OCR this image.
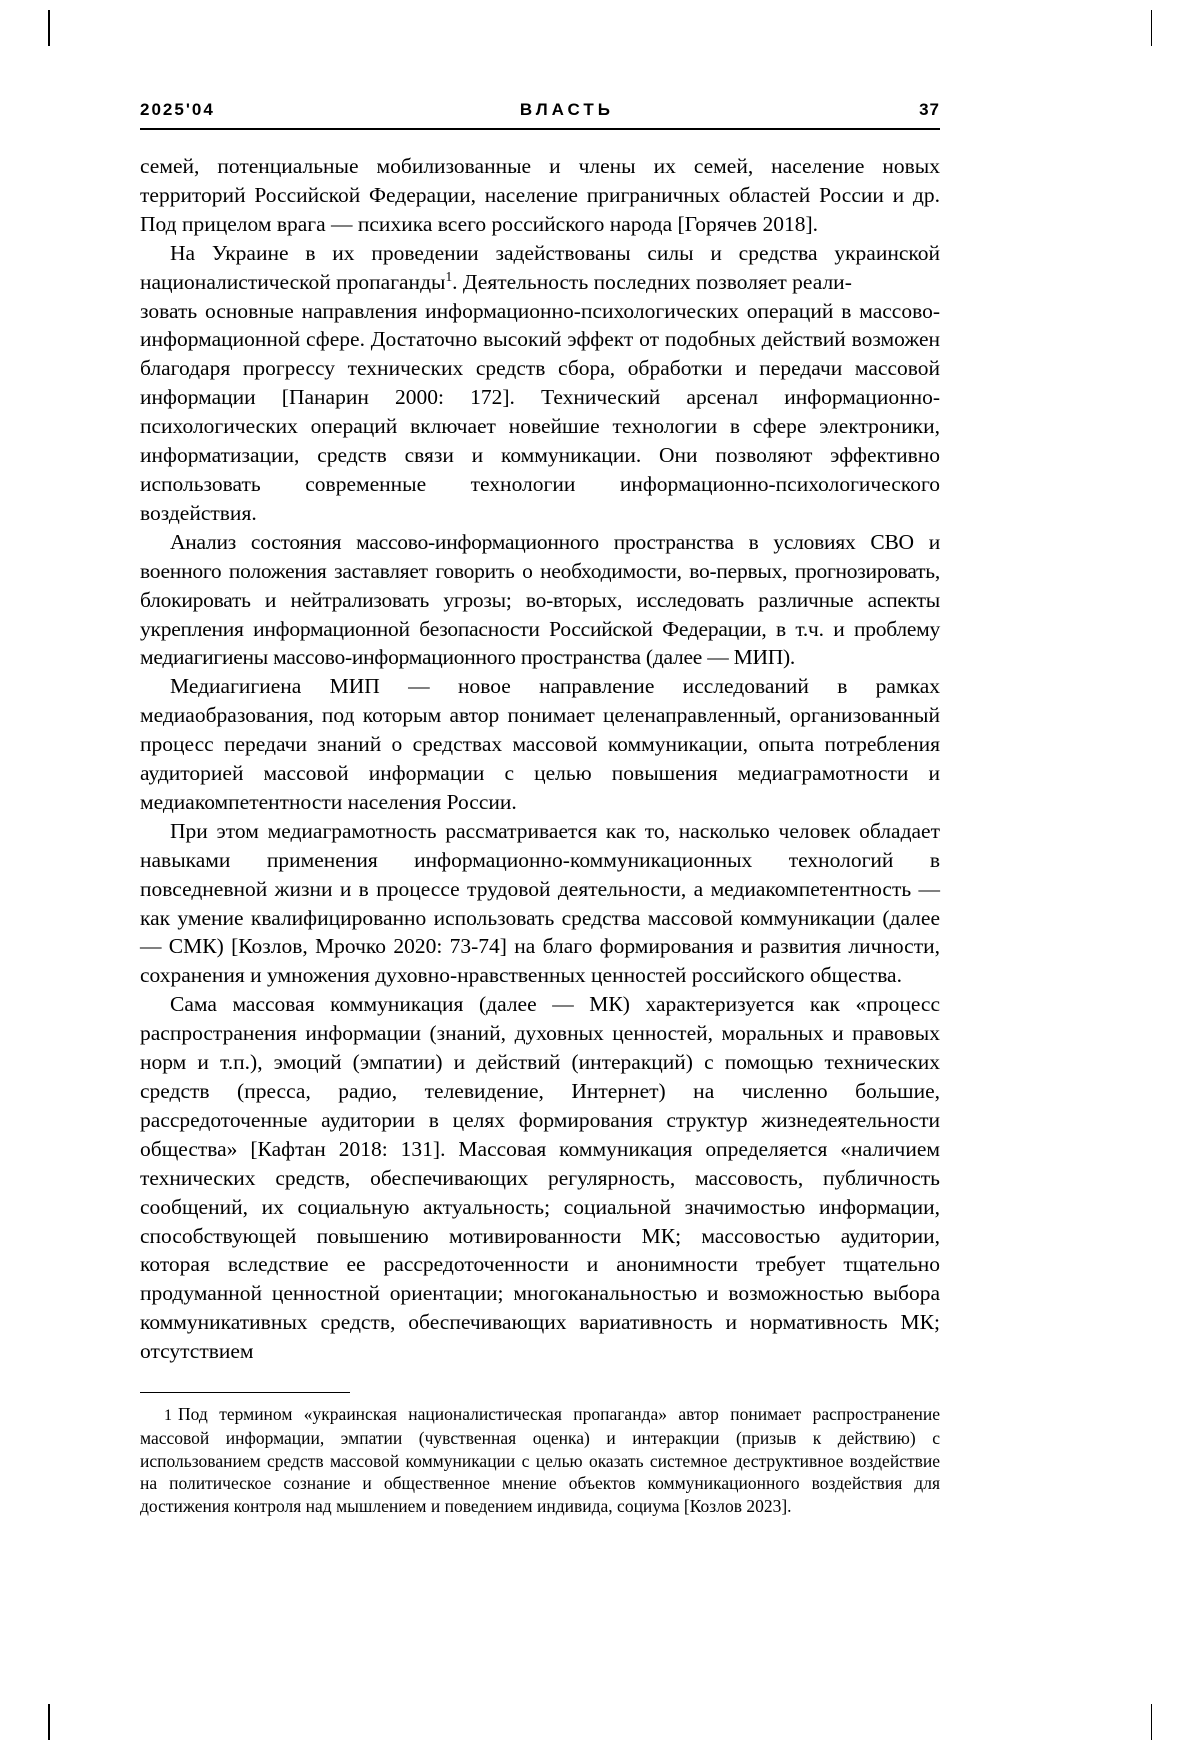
2025'04	ВЛАСТЬ	37

семей, потенциальные мобилизованные и члены их семей, население новых территорий Российской Федерации, население приграничных областей России и др. Под прицелом врага — психика всего российского народа [Горячев 2018].

На Украине в их проведении задействованы силы и средства украинской националистической пропаганды$^1$. Деятельность последних позволяет реали-

зовать основные направления информационно-психологических операций в массово-информационной сфере. Достаточно высокий эффект от подобных действий возможен благодаря прогрессу технических средств сбора, обработки и передачи массовой информации [Панарин 2000: 172]. Технический арсенал информационно-психологических операций включает новейшие технологии в сфере электроники, информатизации, средств связи и коммуникации. Они позволяют эффективно использовать современные технологии информационно-психологического воздействия.

Анализ состояния массово-информационного пространства в условиях СВО и военного положения заставляет говорить о необходимости, во-первых, прогнозировать, блокировать и нейтрализовать угрозы; во-вторых, исследовать различные аспекты укрепления информационной безопасности Российской Федерации, в т.ч. и проблему медиагигиены массово-информационного пространства (далее — МИП).

Медиагигиена МИП — новое направление исследований в рамках медиаобразования, под которым автор понимает целенаправленный, организованный процесс передачи знаний о средствах массовой коммуникации, опыта потребления аудиторией массовой информации с целью повышения медиаграмотности и медиакомпетентности населения России.

При этом медиаграмотность рассматривается как то, насколько человек обладает навыками применения информационно-коммуникационных технологий в повседневной жизни и в процессе трудовой деятельности, а медиакомпетентность — как умение квалифицированно использовать средства массовой коммуникации (далее — СМК) [Козлов, Мрочко 2020: 73-74] на благо формирования и развития личности, сохранения и умножения духовно-нравственных ценностей российского общества.

Сама массовая коммуникация (далее — МК) характеризуется как «процесс распространения информации (знаний, духовных ценностей, моральных и правовых норм и т.п.), эмоций (эмпатии) и действий (интеракций) с помощью технических средств (пресса, радио, телевидение, Интернет) на численно большие, рассредоточенные аудитории в целях формирования структур жизнедеятельности общества» [Кафтан 2018: 131]. Массовая коммуникация определяется «наличием технических средств, обеспечивающих регулярность, массовость, публичность сообщений, их социальную актуальность; социальной значимостью информации, способствующей повышению мотивированности МК; массовостью аудитории, которая вследствие ее рассредоточенности и анонимности требует тщательно продуманной ценностной ориентации; многоканальностью и возможностью выбора коммуникативных средств, обеспечивающих вариативность и нормативность МК; отсутствием

1 Под термином «украинская националистическая пропаганда» автор понимает распространение массовой информации, эмпатии (чувственная оценка) и интеракции (призыв к действию) с использованием средств массовой коммуникации с целью оказать системное деструктивное воздействие на политическое сознание и общественное мнение объектов коммуникационного воздействия для достижения контроля над мышлением и поведением индивида, социума [Козлов 2023].
